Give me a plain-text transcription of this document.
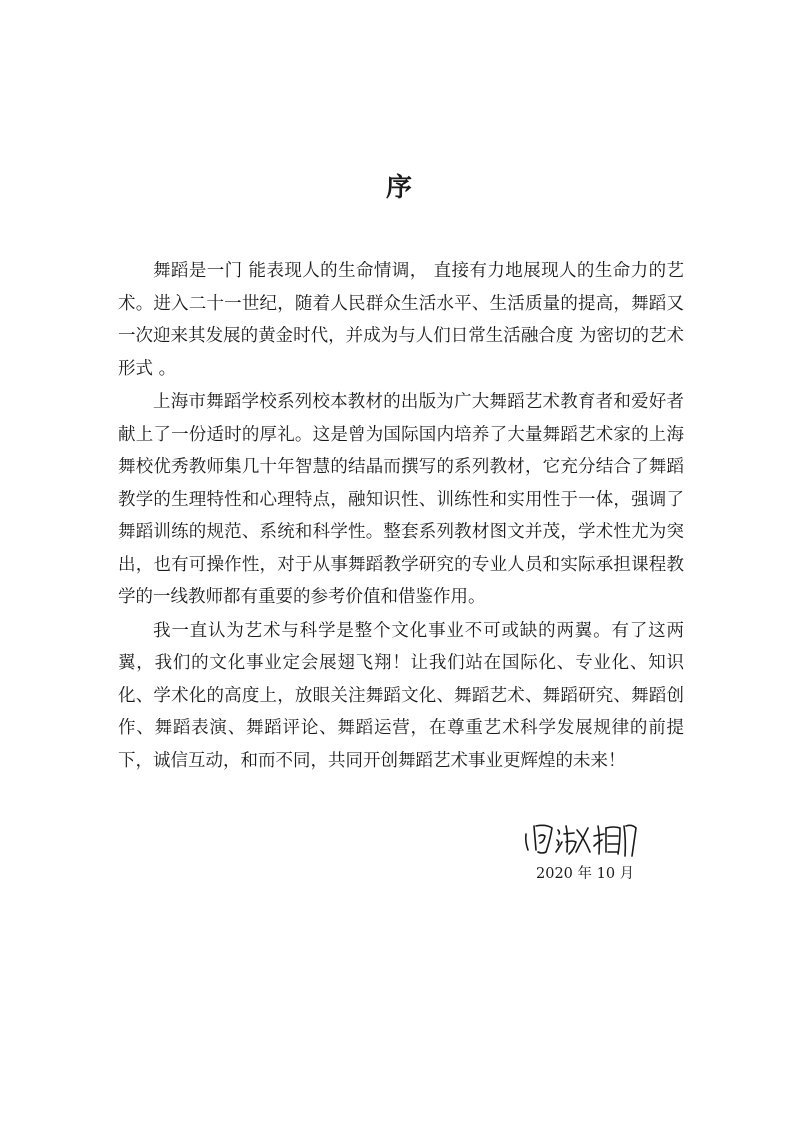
序

舞蹈是一门 能表现人的生命情调， 直接有力地展现人的生命力的艺术。进入二十一世纪，随着人民群众生活水平、生活质量的提高，舞蹈又一次迎来其发展的黄金时代，并成为与人们日常生活融合度 为密切的艺术形式 。

上海市舞蹈学校系列校本教材的出版为广大舞蹈艺术教育者和爱好者献上了一份适时的厚礼。这是曾为国际国内培养了大量舞蹈艺术家的上海舞校优秀教师集几十年智慧的结晶而撰写的系列教材，它充分结合了舞蹈教学的生理特性和心理特点，融知识性、训练性和实用性于一体，强调了舞蹈训练的规范、系统和科学性。整套系列教材图文并茂，学术性尤为突出，也有可操作性，对于从事舞蹈教学研究的专业人员和实际承担课程教学的一线教师都有重要的参考价值和借鉴作用。

我一直认为艺术与科学是整个文化事业不可或缺的两翼。有了这两翼，我们的文化事业定会展翅飞翔！让我们站在国际化、专业化、知识化、学术化的高度上，放眼关注舞蹈文化、舞蹈艺术、舞蹈研究、舞蹈创作、舞蹈表演、舞蹈评论、舞蹈运营，在尊重艺术科学发展规律的前提下，诚信互动，和而不同，共同开创舞蹈艺术事业更辉煌的未来！

2020 年 10 月
